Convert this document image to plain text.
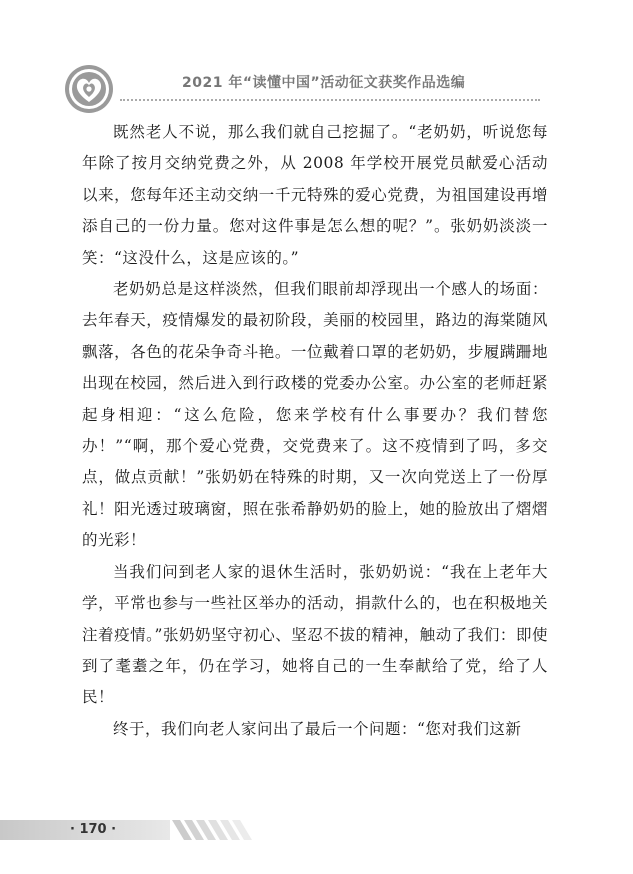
2021 年“读懂中国”活动征文获奖作品选编

既然老人不说，那么我们就自己挖掘了。“老奶奶，听说您每年除了按月交纳党费之外，从 2008 年学校开展党员献爱心活动以来，您每年还主动交纳一千元特殊的爱心党费，为祖国建设再增添自己的一份力量。您对这件事是怎么想的呢？”。张奶奶淡淡一笑：“这没什么，这是应该的。”

老奶奶总是这样淡然，但我们眼前却浮现出一个感人的场面：去年春天，疫情爆发的最初阶段，美丽的校园里，路边的海棠随风飘落，各色的花朵争奇斗艳。一位戴着口罩的老奶奶，步履蹒跚地出现在校园，然后进入到行政楼的党委办公室。办公室的老师赶紧起身相迎：“这么危险，您来学校有什么事要办？我们替您办！”“啊，那个爱心党费，交党费来了。这不疫情到了吗，多交点，做点贡献！”张奶奶在特殊的时期，又一次向党送上了一份厚礼！阳光透过玻璃窗，照在张希静奶奶的脸上，她的脸放出了熠熠的光彩！

当我们问到老人家的退休生活时，张奶奶说：“我在上老年大学，平常也参与一些社区举办的活动，捐款什么的，也在积极地关注着疫情。”张奶奶坚守初心、坚忍不拔的精神，触动了我们：即使到了耄耋之年，仍在学习，她将自己的一生奉献给了党，给了人民！

终于，我们向老人家问出了最后一个问题：“您对我们这新

· 170 ·
